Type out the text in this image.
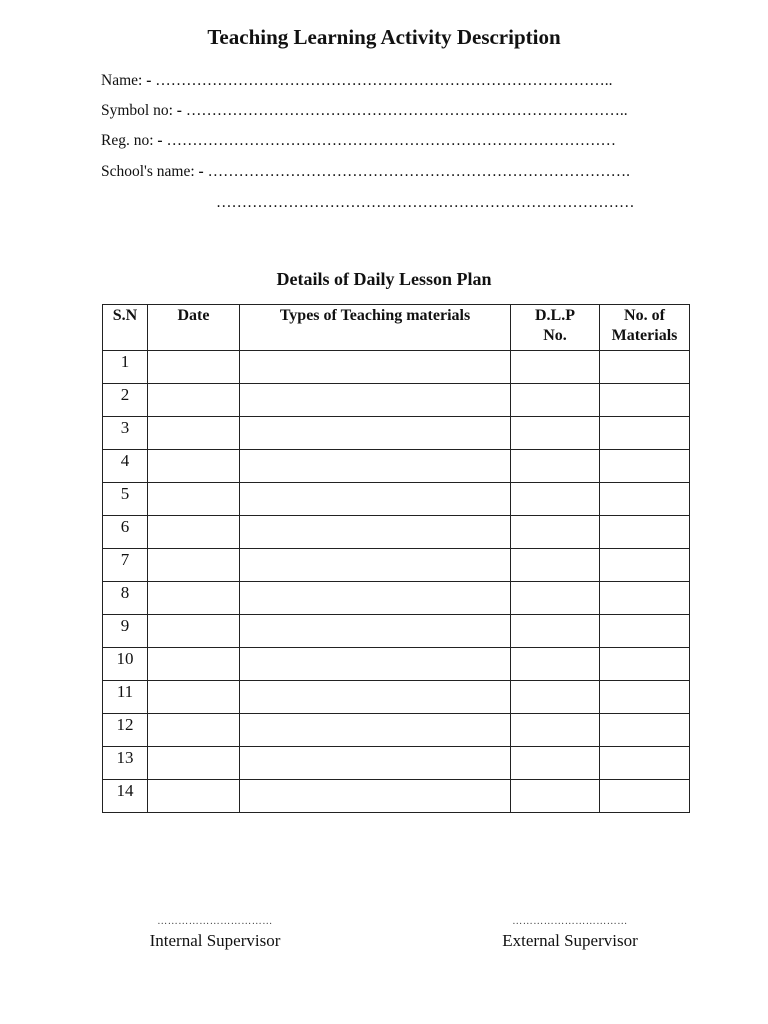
Teaching Learning Activity Description
Name: - ……………………………………………………………………………..
Symbol no: - …………………………………………………………………………..
Reg. no: - ……………………………………………………………………………
School's name: - ……………………………………………………………………….
………………………………………………………………………
Details of Daily Lesson Plan
S.N	Date	Types of Teaching materials	D.L.P No.	No. of Materials

1				
2				
3				
4				
5				
6				
7				
8				
9				
10				
11				
12				
13				
14				
……………………………
Internal Supervisor
……………………………
External Supervisor
